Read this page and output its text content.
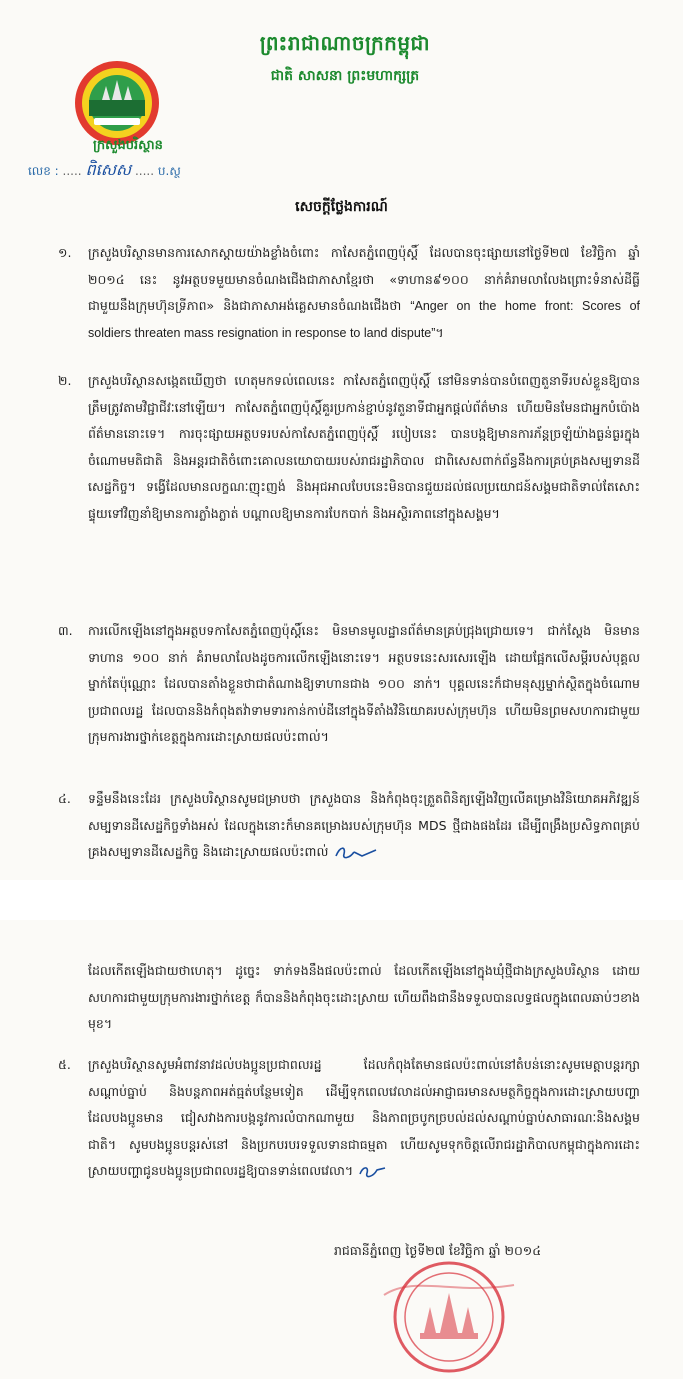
ព្រះរាជាណាចក្រកម្ពុជា
ជាតិ សាសនា ព្រះមហាក្សត្រ
ក្រសួងបរិស្ថាន
លេខ : ..... ពិសេស ..... ប.ស្ថ
សេចក្តីថ្លែងការណ៍
១.	ក្រសួងបរិស្ថានមានការសោកស្តាយយ៉ាងខ្លាំងចំពោះ កាសែតភ្នំពេញប៉ុស្តិ៍ ដែលបានចុះផ្សាយនៅថ្ងៃទី២៧ ខែវិច្ឆិកា ឆ្នាំ ២០១៤ នេះ នូវអត្ថបទមួយមានចំណងជើងជាភាសាខ្មែរថា «ទាហាន៩១០០ នាក់គំរាមលាលែងព្រោះទំនាស់ដីធ្លីជាមួយនឹងក្រុមហ៊ុនទ្រីភាព» និងជាភាសាអង់គ្លេសមានចំណងជើងថា “Anger on the home front: Scores of soldiers threaten mass resignation in response to land dispute”។
២.	ក្រសួងបរិស្ថានសង្កេតឃើញថា ហេតុមកទល់ពេលនេះ កាសែតភ្នំពេញប៉ុស្តិ៍ នៅមិនទាន់បានបំពេញតួនាទីរបស់ខ្លួនឱ្យបានត្រឹមត្រូវតាមវិជ្ជាជីវៈនៅឡើយ។ កាសែតភ្នំពេញប៉ុស្តិ៍គួរប្រកាន់ខ្ជាប់នូវតួនាទីជាអ្នកផ្តល់ព័ត៌មាន ហើយមិនមែនជាអ្នកបំប៉ោងព័ត៌មាននោះទេ។ ការចុះផ្សាយអត្ថបទរបស់កាសែតភ្នំពេញប៉ុស្តិ៍ របៀបនេះ បានបង្កឱ្យមានការភ័ន្តច្រឡំយ៉ាងធ្ងន់ធ្ងរក្នុងចំណោមមតិជាតិ និងអន្តរជាតិចំពោះគោលនយោបាយរបស់រាជរដ្ឋាភិបាល ជាពិសេសពាក់ព័ន្ធនឹងការគ្រប់គ្រងសម្បទានដីសេដ្ឋកិច្ច។ ទង្វើដែលមានលក្ខណៈញុះញង់ និងអុជអាលបែបនេះមិនបានជួយដល់ផលប្រយោជន៍សង្គមជាតិទាល់តែសោះ ផ្ទុយទៅវិញនាំឱ្យមានការភ្លាំងភ្លាត់ បណ្តាលឱ្យមានការបែកបាក់ និងអស្ថិរភាពនៅក្នុងសង្គម។
៣.	ការលើកឡើងនៅក្នុងអត្ថបទកាសែតភ្នំពេញប៉ុស្តិ៍នេះ មិនមានមូលដ្ឋានព័ត៌មានគ្រប់ជ្រុងជ្រោយទេ។ ជាក់ស្តែង មិនមានទាហាន ១០០ នាក់ គំរាមលាលែងដូចការលើកឡើងនោះទេ។ អត្ថបទនេះសរសេរឡើង ដោយផ្អែកលើសម្តីរបស់បុគ្គលម្នាក់តែប៉ុណ្ណោះ ដែលបានតាំងខ្លួនថាជាតំណាងឱ្យទាហានជាង ១០០ នាក់។ បុគ្គលនេះក៏ជាមនុស្សម្នាក់ស្ថិតក្នុងចំណោមប្រជាពលរដ្ឋ ដែលបាននិងកំពុងតវ៉ាទាមទារកាន់កាប់ដីនៅក្នុងទីតាំងវិនិយោគរបស់ក្រុមហ៊ុន ហើយមិនព្រមសហការជាមួយក្រុមការងារថ្នាក់ខេត្តក្នុងការដោះស្រាយផលប៉ះពាល់។
៤.	ទន្ទឹមនឹងនេះដែរ ក្រសួងបរិស្ថានសូមជម្រាបថា ក្រសួងបាន និងកំពុងចុះត្រួតពិនិត្យឡើងវិញលើគម្រោងវិនិយោគអភិវឌ្ឍន៍សម្បទានដីសេដ្ឋកិច្ចទាំងអស់ ដែលក្នុងនោះក៏មានគម្រោងរបស់ក្រុមហ៊ុន MDS ថ្មីជាងផងដែរ ដើម្បីពង្រឹងប្រសិទ្ធភាពគ្រប់គ្រងសម្បទានដីសេដ្ឋកិច្ច និងដោះស្រាយផលប៉ះពាល់
ដែលកើតឡើងជាយថាហេតុ។ ដូច្នេះ ទាក់ទងនឹងផលប៉ះពាល់ ដែលកើតឡើងនៅក្នុងឃុំថ្មីជាងក្រសួងបរិស្ថាន ដោយសហការជាមួយក្រុមការងារថ្នាក់ខេត្ត ក៏បាននិងកំពុងចុះដោះស្រាយ ហើយពឹងជានឹងទទួលបានលទ្ធផលក្នុងពេលឆាប់ៗខាងមុខ។
៥.	ក្រសួងបរិស្ថានសូមអំពាវនាវដល់បងប្អូនប្រជាពលរដ្ឋ ដែលកំពុងតែមានផលប៉ះពាល់នៅតំបន់នោះសូមមេត្តាបន្តរក្សាសណ្តាប់ធ្នាប់ និងបន្តភាពអត់ធ្មត់បន្ថែមទៀត ដើម្បីទុកពេលវេលាដល់អាជ្ញាធរមានសមត្ថកិច្ចក្នុងការដោះស្រាយបញ្ហាដែលបងប្អូនមាន ជៀសវាងការបង្កនូវការលំបាកណាមួយ និងភាពច្របូកច្របល់ដល់សណ្តាប់ធ្នាប់សាធារណៈនិងសង្គមជាតិ។ សូមបងប្អូនបន្តរស់នៅ និងប្រកបរបរទទួលទានជាធម្មតា ហើយសូមទុកចិត្តលើរាជរដ្ឋាភិបាលកម្ពុជាក្នុងការដោះស្រាយបញ្ហាជូនបងប្អូនប្រជាពលរដ្ឋឱ្យបានទាន់ពេលវេលា។
រាជធានីភ្នំពេញ ថ្ងៃទី២៧ ខែវិច្ឆិកា ឆ្នាំ ២០១៤
